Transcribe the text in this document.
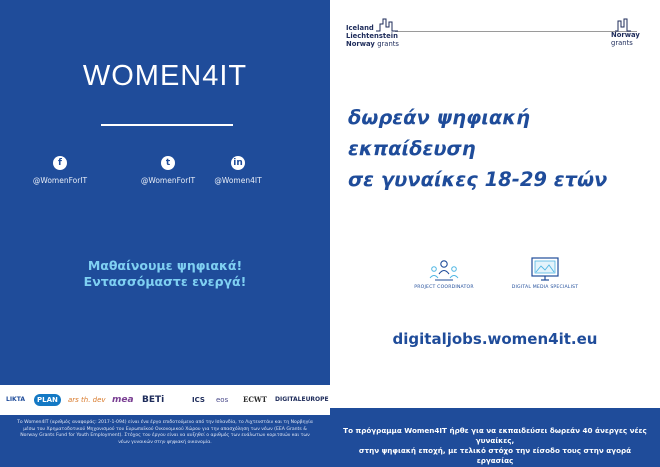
WOMEN4IT
f
@WomenForIT
t
@WomenForIT
in
@Women4IT
Μαθαίνουμε ψηφιακά!
Εντασσόμαστε ενεργά!
LIKTA	PLAN	ars th. dev mea BETi	ICS eos ECWT DIGITALEUROPE
Το Women4IT (αριθμός αναφοράς: 2017-1-094) είναι ένα έργο επιδοτούμενο από την Ισλανδία, το Λιχτενστάιν και τη Νορβηγία μέσω του Χρηματοδοτικού Μηχανισμού του Ευρωπαϊκού Οικονομικού Χώρου για την απασχόληση των νέων (EEA Grants & Norway Grants Fund for Youth Employment). Στόχος του έργου είναι να αυξηθεί ο αριθμός των ευάλωτων κοριτσιών και των νέων γυναικών στην ψηφιακή οικονομία.
Iceland
Liechtenstein
Norway grants
Norway
grants
δωρεάν ψηφιακή εκπαίδευση
σε γυναίκες 18-29 ετών
PROJECT COORDINATOR	DIGITAL MEDIA SPECIALIST
digitaljobs.women4it.eu

Το πρόγραμμα Women4IT ήρθε για να εκπαιδεύσει δωρεάν 40 άνεργες νέες γυναίκες,
στην ψηφιακή εποχή, με τελικό στόχο την είσοδο τους στην αγορά εργασίας
